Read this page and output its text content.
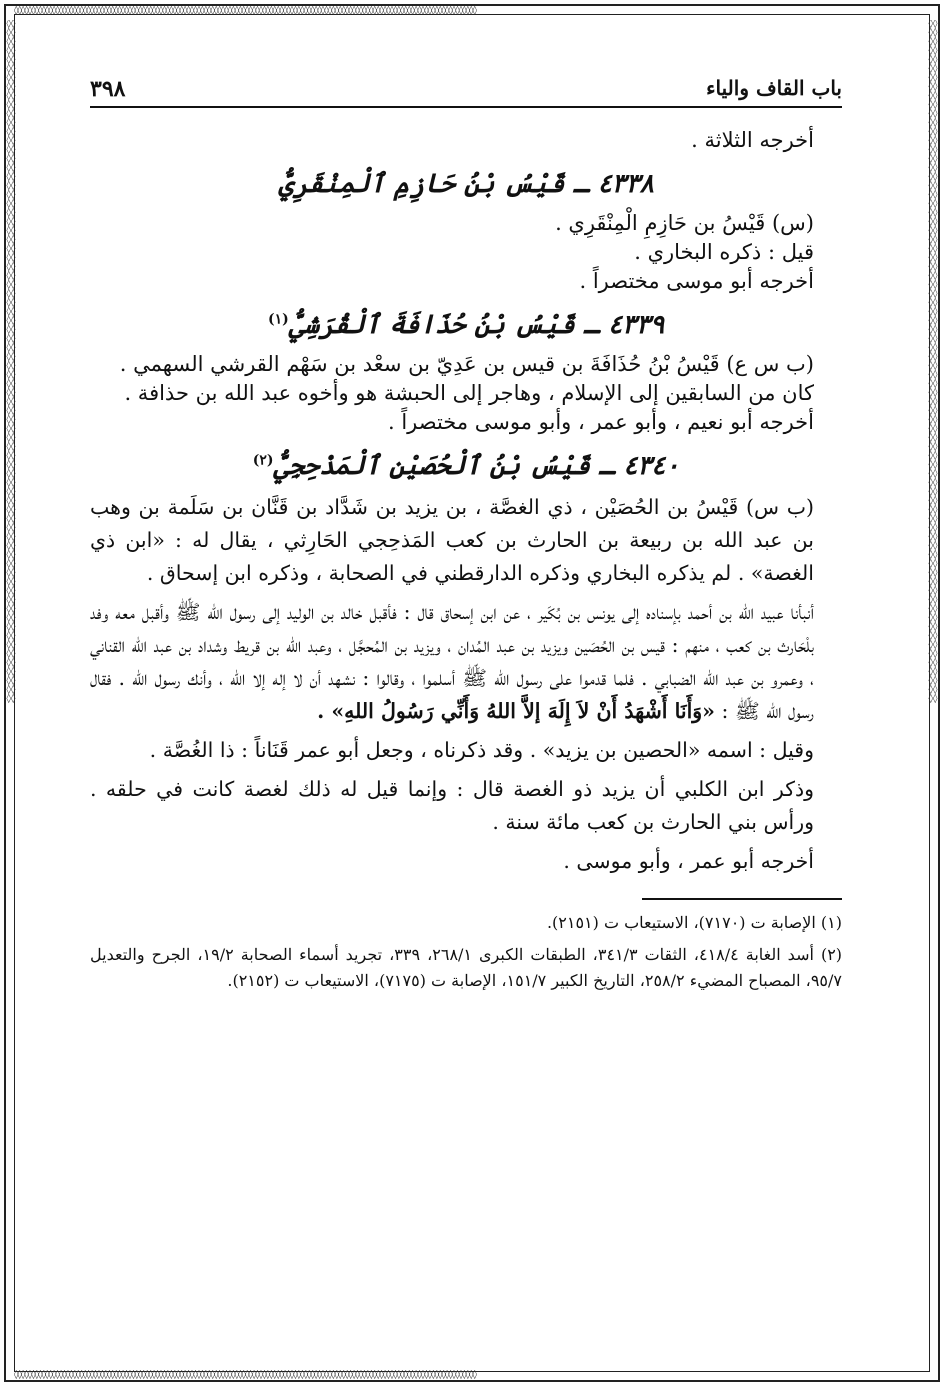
◊◊◊◊◊◊◊◊◊◊◊◊◊◊◊◊◊◊◊◊◊◊◊◊◊◊◊◊◊◊◊◊◊◊◊◊◊◊◊◊◊◊◊◊◊◊◊◊◊◊◊◊◊◊◊◊◊◊◊◊◊◊◊◊◊◊◊◊◊◊◊◊◊◊◊◊◊◊◊◊◊◊◊◊◊◊◊◊◊◊◊◊◊◊◊◊◊◊◊◊◊◊◊◊◊◊◊◊◊◊◊◊◊◊◊◊◊◊◊◊◊◊◊◊◊◊◊◊◊◊◊◊◊◊
◊◊◊◊◊◊◊◊◊◊◊◊◊◊◊◊◊◊◊◊◊◊◊◊◊◊◊◊◊◊◊◊◊◊◊◊◊◊◊◊◊◊◊◊◊◊◊◊◊◊◊◊◊◊◊◊◊◊◊◊◊◊◊◊◊◊◊◊◊◊◊◊◊◊◊◊◊◊◊◊◊◊◊◊◊◊◊◊◊◊◊◊◊◊◊◊◊◊◊◊◊◊◊◊◊◊◊◊◊◊◊◊◊◊◊◊◊◊◊◊◊◊◊◊◊◊◊◊◊◊◊◊◊◊
◊◊◊◊◊◊◊◊◊◊◊◊◊◊◊◊◊◊◊◊◊◊◊◊◊◊◊◊◊◊◊◊◊◊◊◊◊◊◊◊◊◊◊◊◊◊◊◊◊◊◊◊◊◊◊◊◊◊◊◊◊◊◊◊◊◊◊◊◊◊◊◊◊◊◊◊◊◊◊◊◊◊◊◊◊◊◊◊◊◊◊◊◊◊◊◊◊◊◊◊◊◊◊◊◊◊◊◊◊◊◊◊◊◊◊◊◊◊◊◊◊◊◊◊◊◊◊◊◊◊◊◊◊◊◊◊◊◊◊◊◊◊◊◊◊◊◊◊◊◊◊◊
◊◊◊◊◊◊◊◊◊◊◊◊◊◊◊◊◊◊◊◊◊◊◊◊◊◊◊◊◊◊◊◊◊◊◊◊◊◊◊◊◊◊◊◊◊◊◊◊◊◊◊◊◊◊◊◊◊◊◊◊◊◊◊◊◊◊◊◊◊◊◊◊◊◊◊◊◊◊◊◊◊◊◊◊◊◊◊◊◊◊◊◊◊◊◊◊◊◊◊◊◊◊◊◊◊◊◊◊◊◊◊◊◊◊◊◊◊◊◊◊◊◊◊◊◊◊◊◊◊◊◊◊◊◊◊◊◊◊◊◊◊◊◊◊◊◊◊◊◊◊◊◊
باب القاف والياء
٣٩٨

أخرجه الثلاثة .

٤٣٣٨ ـ قَيْسُ بْنُ حَازِمِ ٱلْمِنْقَرِيُّ

(س) قَيْسُ بن حَازِمِ الْمِنْقَرِي .

قيل : ذكره البخاري .

أخرجه أبو موسى مختصراً .

٤٣٣٩ ـ قَيْسُ بْنُ حُذَافَةَ ٱلْقُرَشِيُّ$^{(١)}$

(ب س ع) قَيْسُ بْنُ حُذَافَةَ بن قيس بن عَدِيّ بن سعْد بن سَهْم القرشي السهمي .

كان من السابقين إلى الإسلام ، وهاجر إلى الحبشة هو وأخوه عبد الله بن حذافة .

أخرجه أبو نعيم ، وأبو عمر ، وأبو موسى مختصراً .

٤٣٤٠ ـ قَيْسُ بْنُ ٱلْحُصَيْنِ ٱلْمَذْحِجِيُّ$^{(٢)}$

(ب س) قَيْسُ بن الحُصَيْن ، ذي الغصَّة ، بن يزيد بن شَدَّاد بن قَنَّان بن سَلَمة بن وهب بن عبد الله بن ربيعة بن الحارث بن كعب المَذحِجي الحَارِثي ، يقال له : «ابن ذي الغصة» . لم يذكره البخاري وذكره الدارقطني في الصحابة ، وذكره ابن إسحاق .

أنبأنا عبيد الله بن أحمد بإسناده إلى يونس بن بُكَير ، عن ابن إسحاق قال : فأقبل خالد بن الوليد إلى رسول الله ﷺ وأقبل معه وفد بلْحَارث بن كعب ، منهم : قيس بن الحُصَين ويزيد بن عبد المُدان ، ويزيد بن المُحجَّل ، وعبد الله بن قريط وشداد بن عبد الله القناني ، وعمرو بن عبد الله الضبابي . فلما قدموا على رسول الله ﷺ أسلموا ، وقالوا : نشهد أن لا إله إلا الله ، وأنك رسول الله . فقال رسول الله ﷺ : «وَأَنَا أَشْهَدُ أَنْ لاَ إِلَهَ إلاَّ اللهُ وَأَنِّي رَسُولُ اللهِ» .

وقيل : اسمه «الحصين بن يزيد» . وقد ذكرناه ، وجعل أبو عمر قَنَاناً : ذا الغُصَّة .

وذكر ابن الكلبي أن يزيد ذو الغصة قال : وإنما قيل له ذلك لغصة كانت في حلقه . ورأس بني الحارث بن كعب مائة سنة .

أخرجه أبو عمر ، وأبو موسى .

(١) الإصابة ت (٧١٧٠)، الاستيعاب ت (٢١٥١).

(٢) أسد الغابة ٤١٨/٤، الثقات ٣٤١/٣، الطبقات الكبرى ٢٦٨/١، ٣٣٩، تجريد أسماء الصحابة ١٩/٢، الجرح والتعديل ٩٥/٧، المصباح المضيء ٢٥٨/٢، التاريخ الكبير ١٥١/٧، الإصابة ت (٧١٧٥)، الاستيعاب ت (٢١٥٢).
